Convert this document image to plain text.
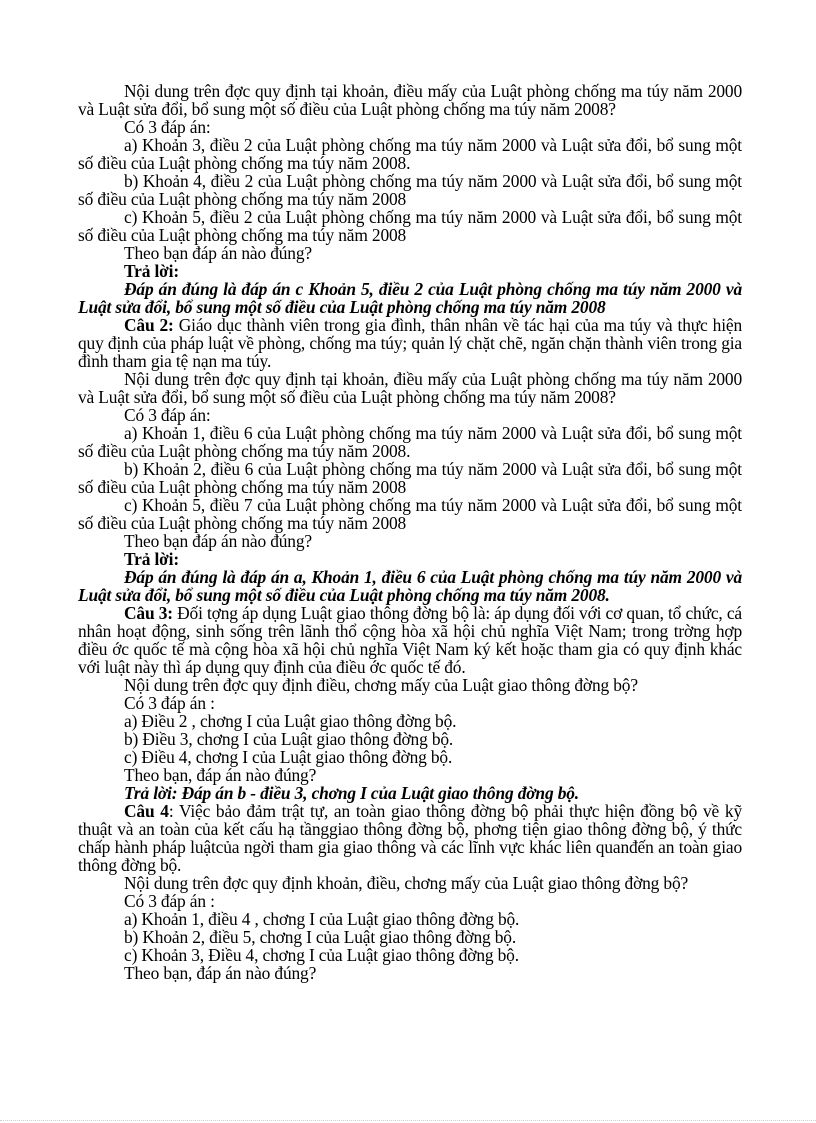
Nội dung trên đợc quy định tại khoản, điều mấy của Luật phòng chống ma túy năm 2000 và Luật sửa đổi, bổ sung một số điều của Luật phòng chống ma túy năm 2008?

Có 3 đáp án:

a) Khoản 3, điều 2 của Luật phòng chống ma túy năm 2000 và Luật sửa đổi, bổ sung một số điều của Luật phòng chống ma túy năm 2008.

b) Khoản 4, điều 2 của Luật phòng chống ma túy năm 2000 và Luật sửa đổi, bổ sung một số điều của Luật phòng chống ma túy năm 2008

c) Khoản 5, điều 2 của Luật phòng chống ma túy năm 2000 và Luật sửa đổi, bổ sung một số điều của Luật phòng chống ma túy năm 2008

Theo bạn đáp án nào đúng?

Trả lời:

Đáp án đúng là đáp án c Khoản 5, điều 2 của Luật phòng chống ma túy năm 2000 và Luật sửa đổi, bổ sung một số điều của Luật phòng chống ma túy năm 2008

Câu 2: Giáo dục thành viên trong gia đình, thân nhân về tác hại của ma túy và thực hiện quy định của pháp luật về phòng, chống ma túy; quản lý chặt chẽ, ngăn chặn thành viên trong gia đình tham gia tệ nạn ma túy.

Nội dung trên đợc quy định tại khoản, điều mấy của Luật phòng chống ma túy năm 2000 và Luật sửa đổi, bổ sung một số điều của Luật phòng chống ma túy năm 2008?

Có 3 đáp án:

a) Khoản 1, điều 6 của Luật phòng chống ma túy năm 2000 và Luật sửa đổi, bổ sung một số điều của Luật phòng chống ma túy năm 2008.

b) Khoản 2, điều 6 của Luật phòng chống ma túy năm 2000 và Luật sửa đổi, bổ sung một số điều của Luật phòng chống ma túy năm 2008

c) Khoản 5, điều 7 của Luật phòng chống ma túy năm 2000 và Luật sửa đổi, bổ sung một số điều của Luật phòng chống ma túy năm 2008

Theo bạn đáp án nào đúng?

Trả lời:

Đáp án đúng là đáp án a, Khoản 1, điều 6 của Luật phòng chống ma túy năm 2000 và Luật sửa đổi, bổ sung một số điều của Luật phòng chống ma túy năm 2008.

Câu 3: Đối tợng áp dụng Luật giao thông đờng bộ là: áp dụng đối với cơ quan, tổ chức, cá nhân hoạt động, sinh sống trên lãnh thổ cộng hòa xã hội chủ nghĩa Việt Nam; trong trờng hợp điều ớc quốc tế mà cộng hòa xã hội chủ nghĩa Việt Nam ký kết hoặc tham gia có quy định khác với luật này thì áp dụng quy định của điều ớc quốc tế đó.

Nội dung trên đợc quy định điều, chơng mấy của Luật giao thông đờng bộ?

Có 3 đáp án :

a) Điều 2 , chơng I của Luật giao thông đờng bộ.

b) Điều 3, chơng I của Luật giao thông đờng bộ.

c) Điều 4, chơng I của Luật giao thông đờng bộ.

Theo bạn, đáp án nào đúng?

Trả lời: Đáp án b - điều 3, chơng I của Luật giao thông đờng bộ.

Câu 4: Việc bảo đảm trật tự, an toàn giao thông đờng bộ phải thực hiện đồng bộ về kỹ thuật và an toàn của kết cấu hạ tầnggiao thông đờng bộ, phơng tiện giao thông đờng bộ, ý thức chấp hành pháp luậtcủa ngời tham gia giao thông và các lĩnh vực khác liên quanđến an toàn giao thông đờng bộ.

Nội dung trên đợc quy định khoản, điều, chơng mấy của Luật giao thông đờng bộ?

Có 3 đáp án :

a) Khoản 1, điều 4 , chơng I của Luật giao thông đờng bộ.

b) Khoản 2, điều 5, chơng I của Luật giao thông đờng bộ.

c) Khoản 3, Điều 4, chơng I của Luật giao thông đờng bộ.

Theo bạn, đáp án nào đúng?
